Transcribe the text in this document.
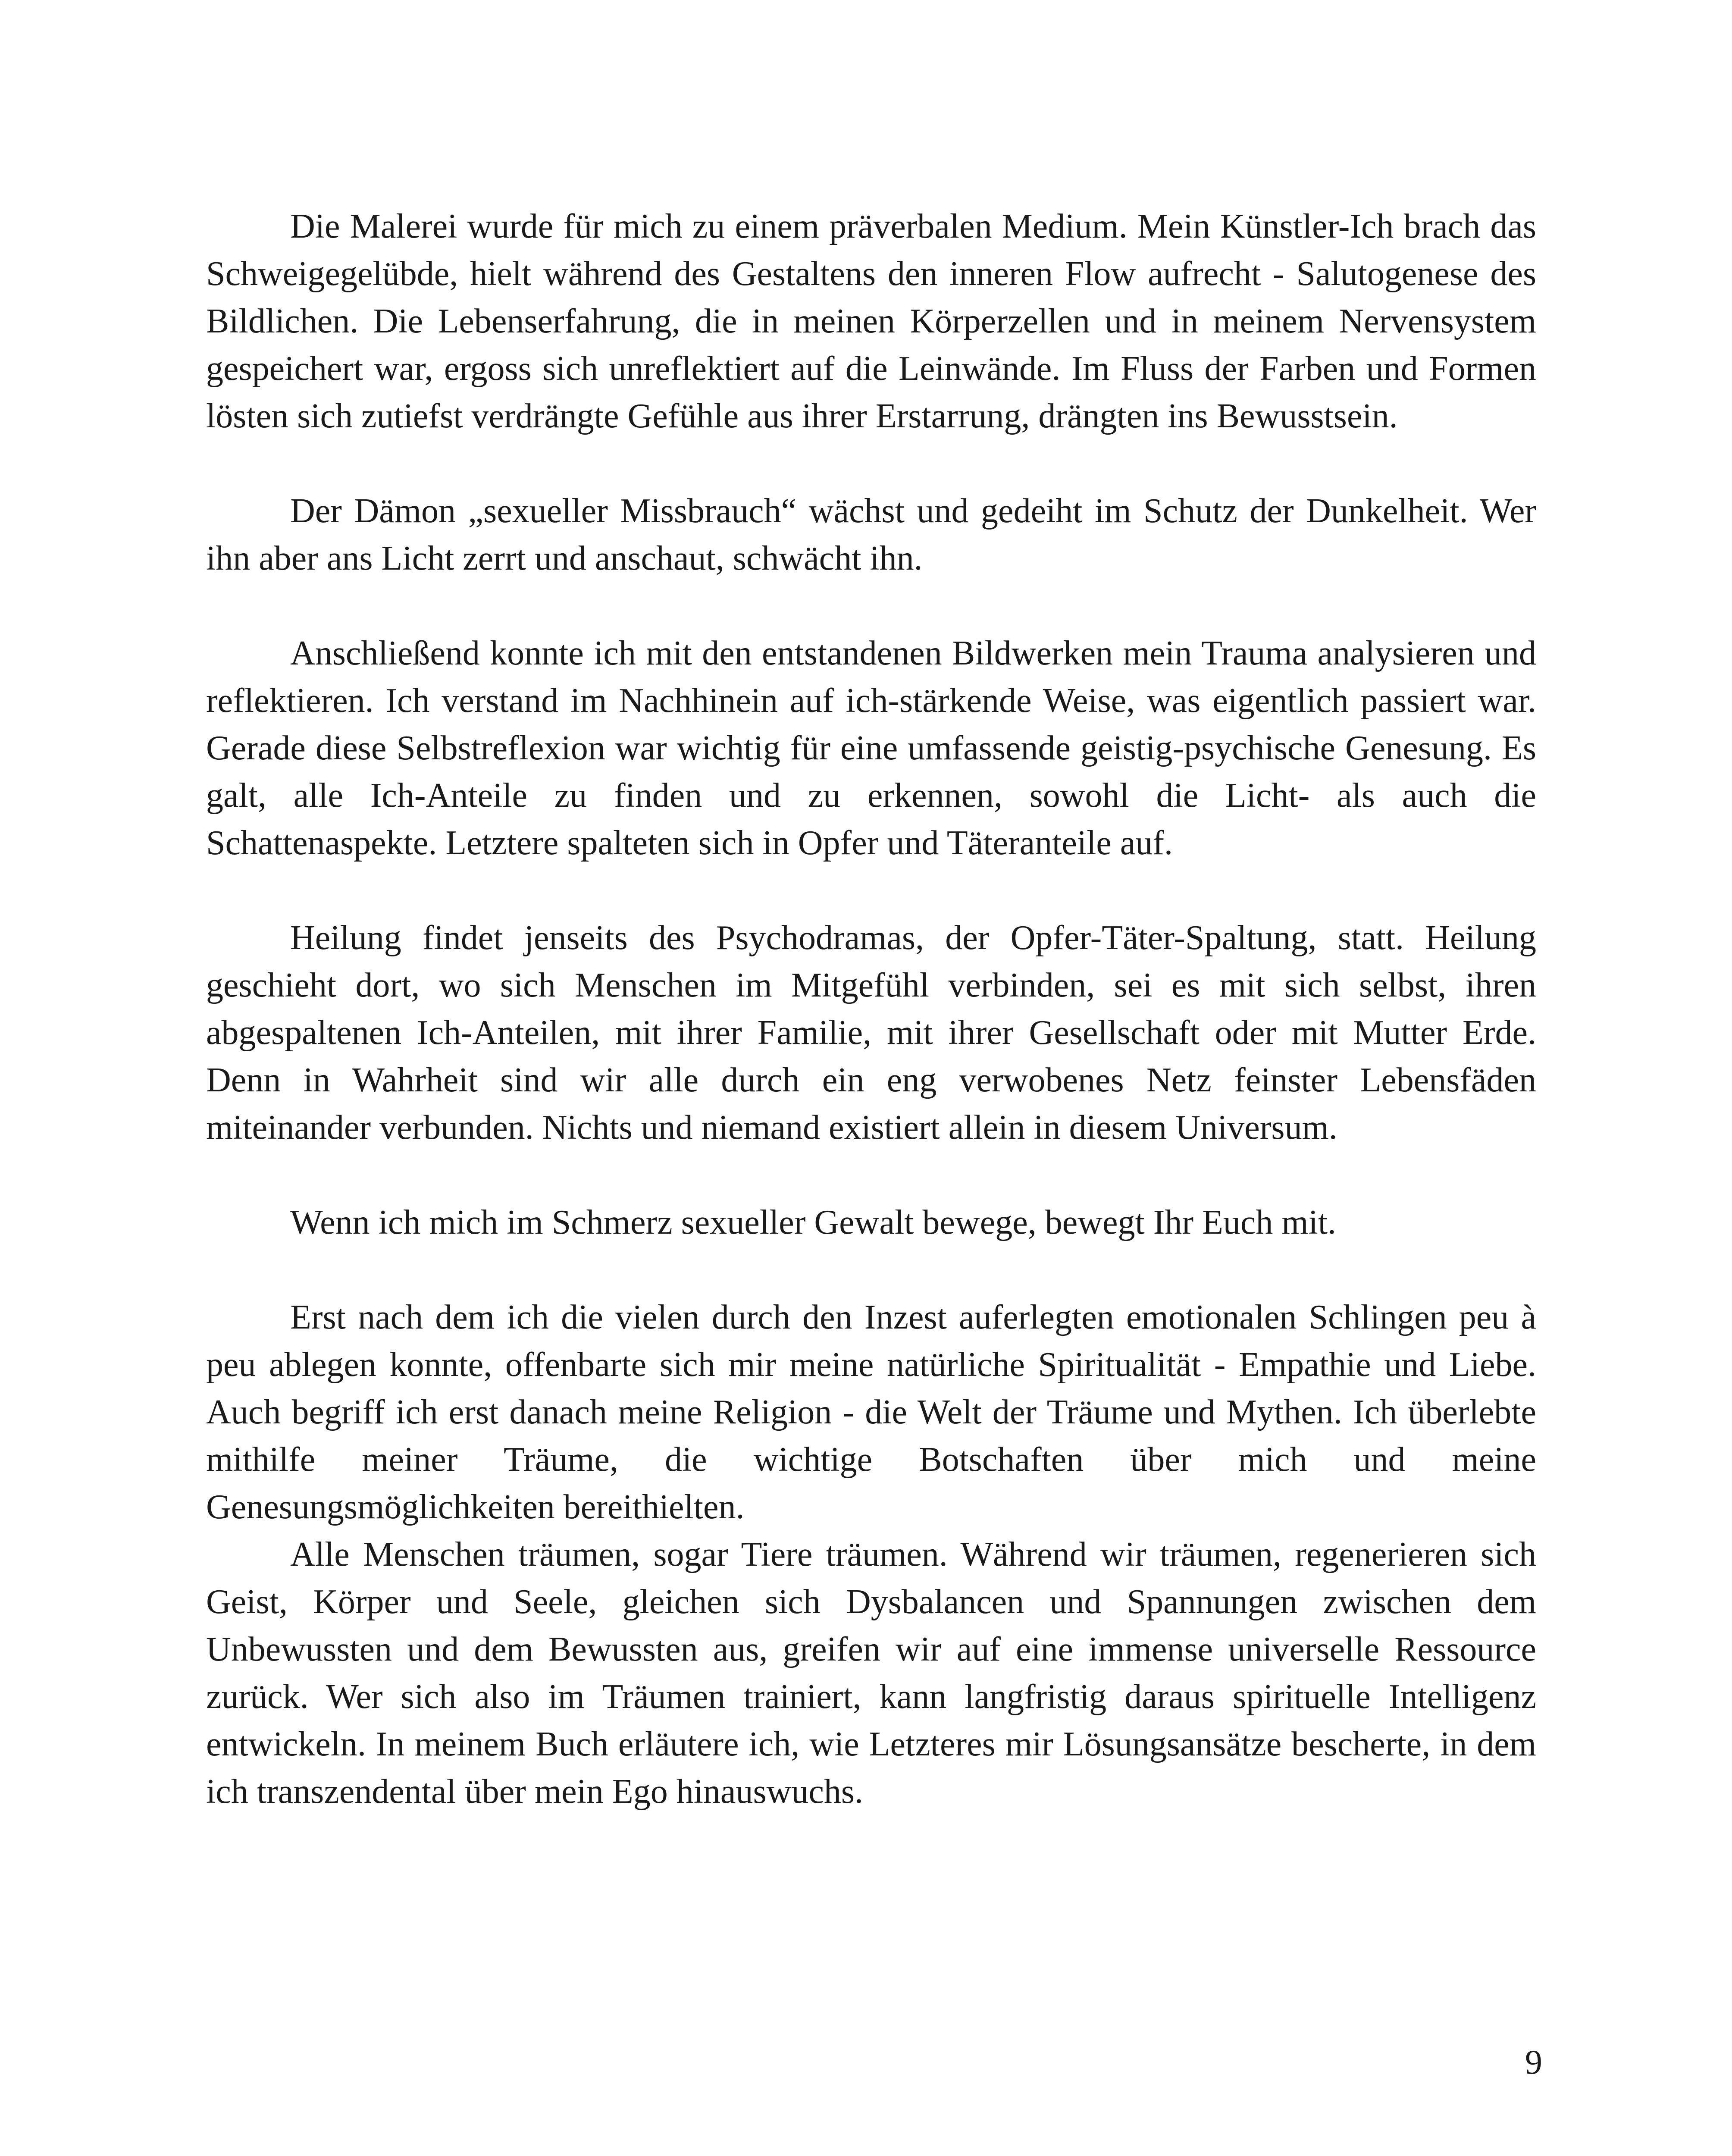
Die Malerei wurde für mich zu einem präverbalen Medium. Mein Künstler-Ich brach das Schweigegelübde, hielt während des Gestaltens den inneren Flow aufrecht - Salutogenese des Bildlichen. Die Lebenserfahrung, die in meinen Körperzellen und in meinem Nervensystem gespeichert war, ergoss sich unreflektiert auf die Leinwände. Im Fluss der Farben und Formen lösten sich zutiefst verdrängte Gefühle aus ihrer Erstarrung, drängten ins Bewusstsein.

Der Dämon „sexueller Missbrauch“ wächst und gedeiht im Schutz der Dunkelheit. Wer ihn aber ans Licht zerrt und anschaut, schwächt ihn.

Anschließend konnte ich mit den entstandenen Bildwerken mein Trauma analysieren und reflektieren. Ich verstand im Nachhinein auf ich-stärkende Weise, was eigentlich passiert war. Gerade diese Selbstreflexion war wichtig für eine umfassende geistig-psychische Genesung. Es galt, alle Ich-Anteile zu finden und zu erkennen, sowohl die Licht- als auch die Schattenaspekte. Letztere spalteten sich in Opfer und Täteranteile auf.

Heilung findet jenseits des Psychodramas, der Opfer-Täter-Spaltung, statt. Heilung geschieht dort, wo sich Menschen im Mitgefühl verbinden, sei es mit sich selbst, ihren abgespaltenen Ich-Anteilen, mit ihrer Familie, mit ihrer Gesellschaft oder mit Mutter Erde. Denn in Wahrheit sind wir alle durch ein eng verwobenes Netz feinster Lebensfäden miteinander verbunden. Nichts und niemand existiert allein in diesem Universum.

Wenn ich mich im Schmerz sexueller Gewalt bewege, bewegt Ihr Euch mit.

Erst nach dem ich die vielen durch den Inzest auferlegten emotionalen Schlingen peu à peu ablegen konnte, offenbarte sich mir meine natürliche Spiritualität - Empathie und Liebe. Auch begriff ich erst danach meine Religion - die Welt der Träume und Mythen. Ich überlebte mithilfe meiner Träume, die wichtige Botschaften über mich und meine Genesungsmöglichkeiten bereithielten.

Alle Menschen träumen, sogar Tiere träumen. Während wir träumen, regenerieren sich Geist, Körper und Seele, gleichen sich Dysbalancen und Spannungen zwischen dem Unbewussten und dem Bewussten aus, greifen wir auf eine immense universelle Ressource zurück. Wer sich also im Träumen trainiert, kann langfristig daraus spirituelle Intelligenz entwickeln. In meinem Buch erläutere ich, wie Letzteres mir Lösungsansätze bescherte, in dem ich transzendental über mein Ego hinauswuchs.

9
